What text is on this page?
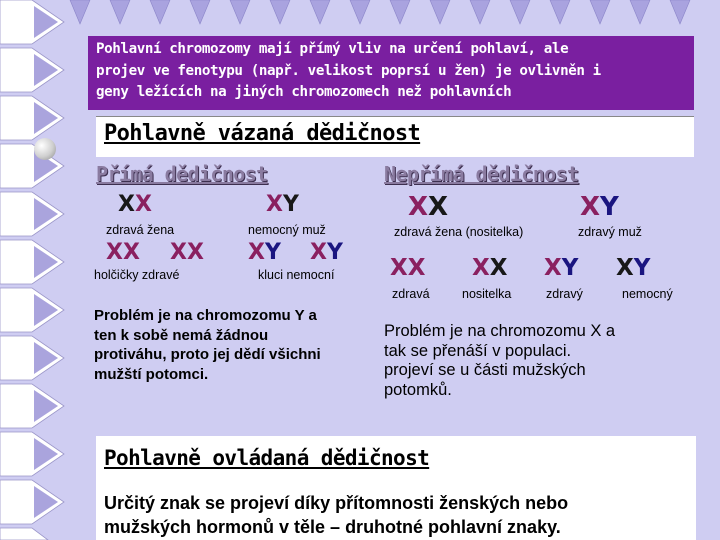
Pohlavní chromozomy mají přímý vliv na určení pohlaví, ale
projev ve fenotypu (např. velikost poprsí u žen) je ovlivněn i
geny ležících na jiných chromozomech než pohlavních
Pohlavně vázaná dědičnost
Přímá dědičnost
XX	XY
zdravá žena	nemocný muž
XX XX XY XY
holčičky zdravé	kluci nemocní
Problém je na chromozomu Y a
ten k sobě nemá žádnou
protiváhu, proto jej dědí všichni
mužští potomci.
Nepřímá dědičnost
XX	XY
zdravá žena (nositelka)	zdravý muž
XX XX XY XY
zdravá	nositelka	zdravý	nemocný
Problém je na chromozomu X a
tak se přenáší v populaci.
projeví se u části mužských
potomků.
Pohlavně ovládaná dědičnost
Určitý znak se projeví díky přítomnosti ženských nebo
mužských hormonů v těle – druhotné pohlavní znaky.
